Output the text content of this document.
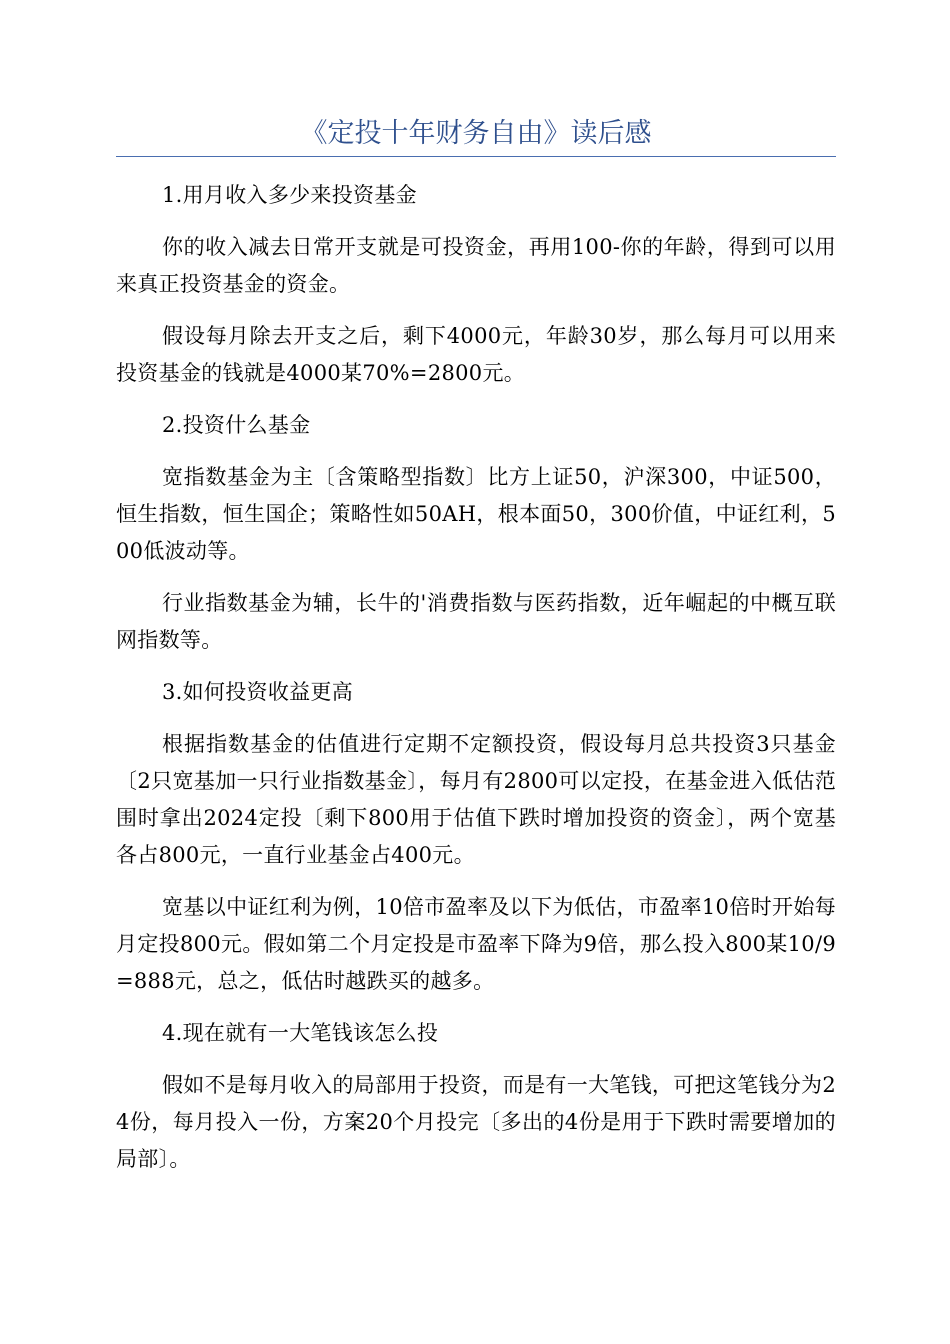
《定投十年财务自由》读后感

1.用月收入多少来投资基金

你的收入减去日常开支就是可投资金，再用100-你的年龄，得到可以用来真正投资基金的资金。

假设每月除去开支之后，剩下4000元，年龄30岁，那么每月可以用来投资基金的钱就是4000某70%=2800元。

2.投资什么基金

宽指数基金为主〔含策略型指数〕比方上证50，沪深300，中证500，恒生指数，恒生国企；策略性如50AH，根本面50，300价值，中证红利，500低波动等。

行业指数基金为辅，长牛的'消费指数与医药指数，近年崛起的中概互联网指数等。

3.如何投资收益更高

根据指数基金的估值进行定期不定额投资，假设每月总共投资3只基金〔2只宽基加一只行业指数基金〕，每月有2800可以定投，在基金进入低估范围时拿出2024定投〔剩下800用于估值下跌时增加投资的资金〕，两个宽基各占800元，一直行业基金占400元。

宽基以中证红利为例，10倍市盈率及以下为低估，市盈率10倍时开始每月定投800元。假如第二个月定投是市盈率下降为9倍，那么投入800某10/9=888元，总之，低估时越跌买的越多。

4.现在就有一大笔钱该怎么投

假如不是每月收入的局部用于投资，而是有一大笔钱，可把这笔钱分为24份，每月投入一份，方案20个月投完〔多出的4份是用于下跌时需要增加的局部〕。
